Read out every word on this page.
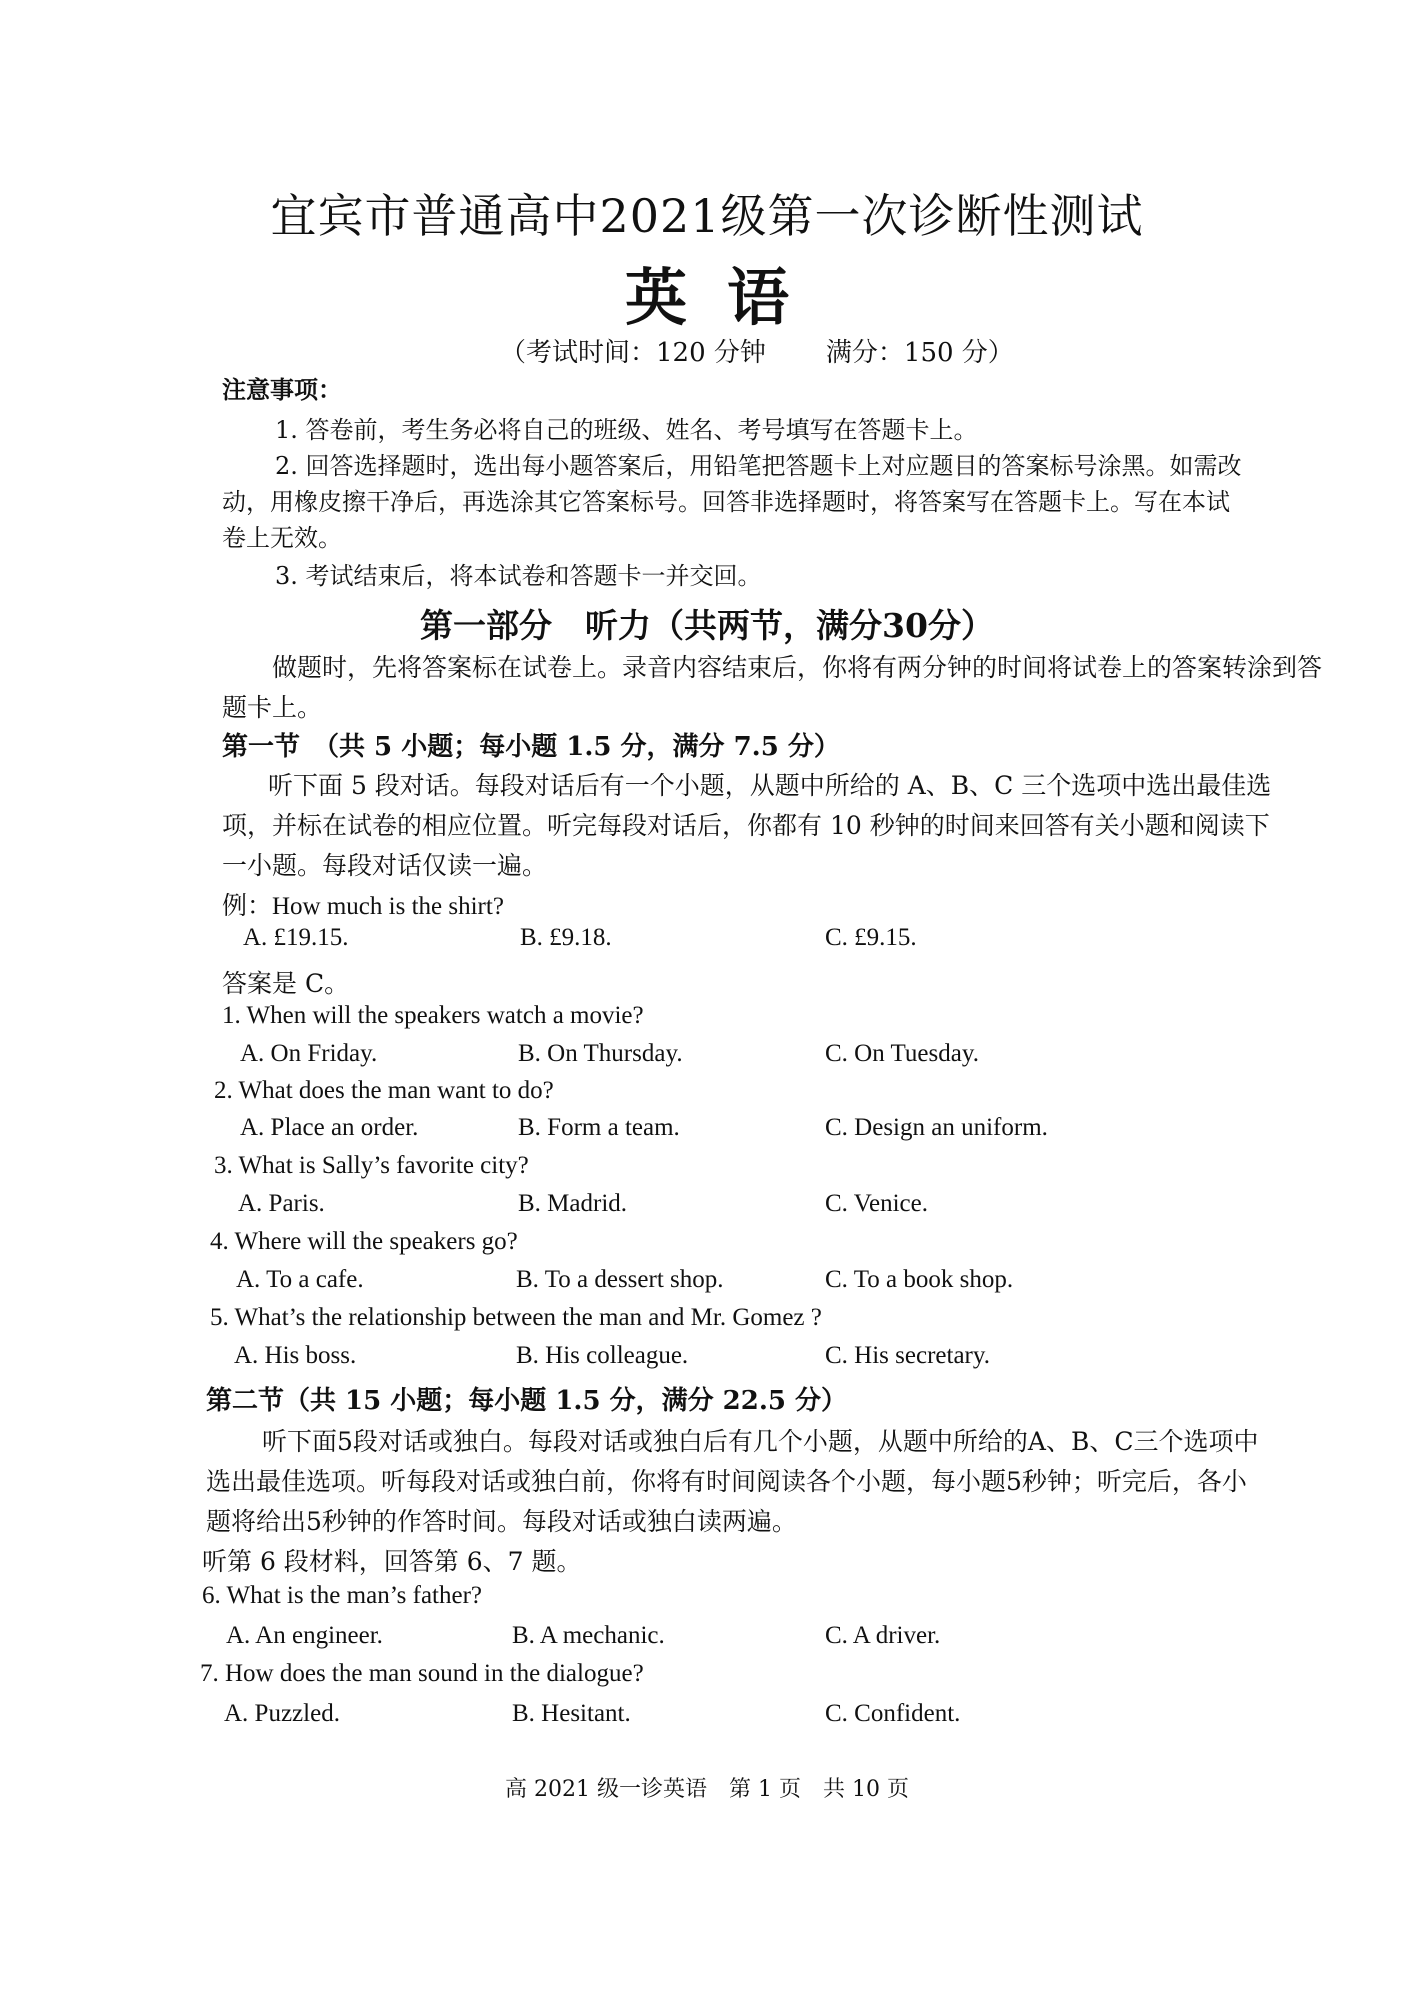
宜宾市普通高中2021级第一次诊断性测试
英语
（考试时间：120 分钟 满分：150 分）
注意事项：
1. 答卷前，考生务必将自己的班级、姓名、考号填写在答题卡上。
2. 回答选择题时，选出每小题答案后，用铅笔把答题卡上对应题目的答案标号涂黑。如需改
动，用橡皮擦干净后，再选涂其它答案标号。回答非选择题时，将答案写在答题卡上。写在本试
卷上无效。
3. 考试结束后，将本试卷和答题卡一并交回。
第一部分　听力（共两节，满分30分）
做题时，先将答案标在试卷上。录音内容结束后，你将有两分钟的时间将试卷上的答案转涂到答
题卡上。
第一节　（共 5 小题；每小题 1.5 分，满分 7.5 分）
听下面 5 段对话。每段对话后有一个小题，从题中所给的 A、B、C 三个选项中选出最佳选
项，并标在试卷的相应位置。听完每段对话后，你都有 10 秒钟的时间来回答有关小题和阅读下
一小题。每段对话仅读一遍。
例：How much is the shirt?
A. £19.15.	B. £9.18.	C. £9.15.
答案是 C。
1. When will the speakers watch a movie?
A. On Friday.	B. On Thursday.	C. On Tuesday.
2. What does the man want to do?
A. Place an order.	B. Form a team.	C. Design an uniform.
3. What is Sally’s favorite city?
A. Paris.	B. Madrid.	C. Venice.
4. Where will the speakers go?
A. To a cafe.	B. To a dessert shop.	C. To a book shop.
5. What’s the relationship between the man and Mr. Gomez ?
A. His boss.	B. His colleague.	C. His secretary.
第二节（共 15 小题；每小题 1.5 分，满分 22.5 分）
听下面5段对话或独白。每段对话或独白后有几个小题，从题中所给的A、B、C三个选项中
选出最佳选项。听每段对话或独白前，你将有时间阅读各个小题，每小题5秒钟；听完后，各小
题将给出5秒钟的作答时间。每段对话或独白读两遍。
听第 6 段材料，回答第 6、7 题。
6. What is the man’s father?
A. An engineer.	B. A mechanic.	C. A driver.
7. How does the man sound in the dialogue?
A. Puzzled.	B. Hesitant.	C. Confident.
高 2021 级一诊英语　第 1 页　共 10 页
